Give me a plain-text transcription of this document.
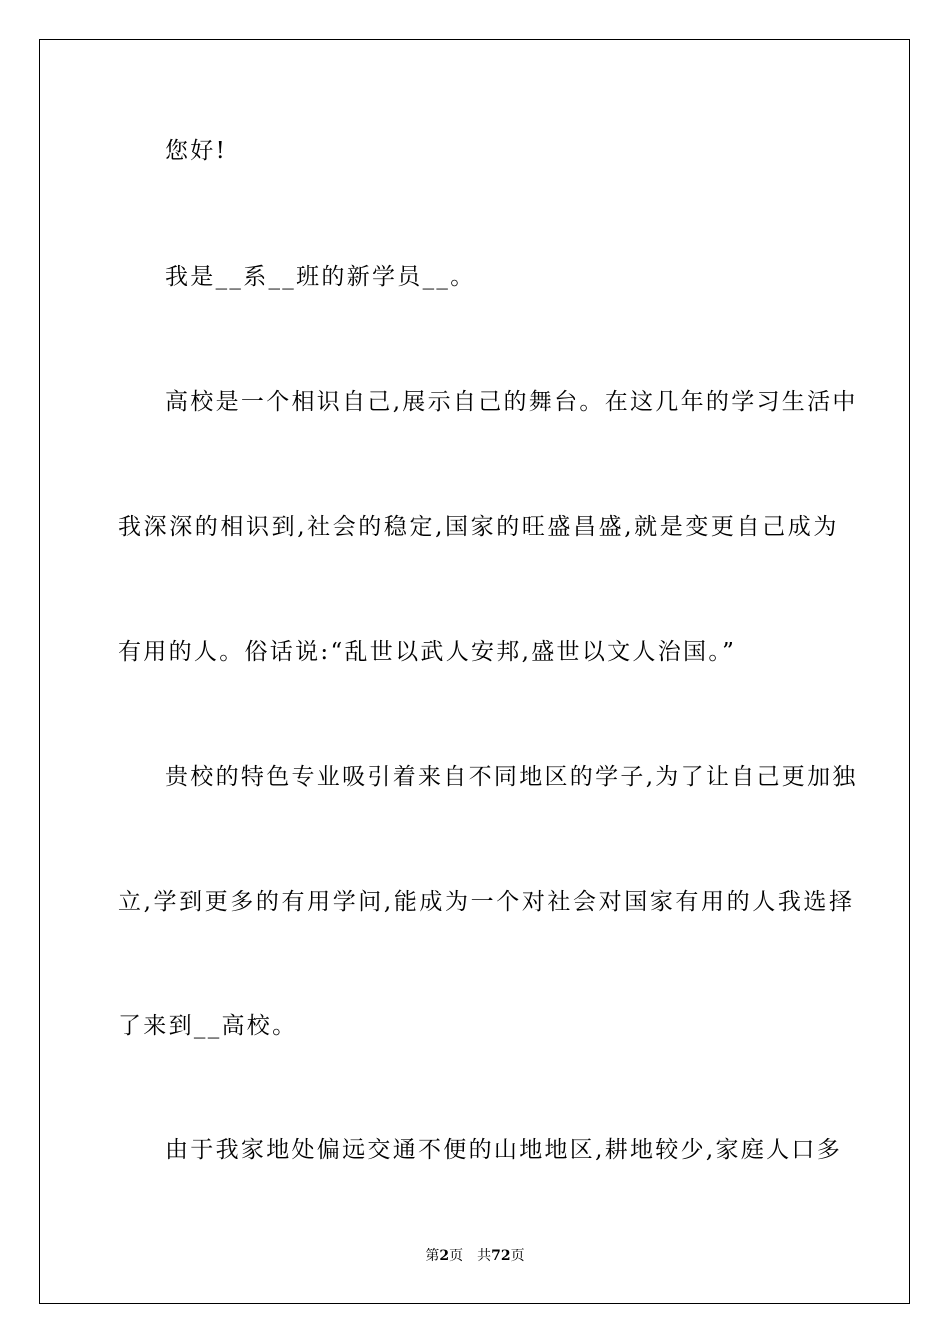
您好!
我是__系__班的新学员__。
高校是一个相识自己,展示自己的舞台。在这几年的学习生活中
我深深的相识到,社会的稳定,国家的旺盛昌盛,就是变更自己成为
有用的人。俗话说:“乱世以武人安邦,盛世以文人治国。”
贵校的特色专业吸引着来自不同地区的学子,为了让自己更加独
立,学到更多的有用学问,能成为一个对社会对国家有用的人我选择
了来到__高校。
由于我家地处偏远交通不便的山地地区,耕地较少,家庭人口多
第2页 共72页
